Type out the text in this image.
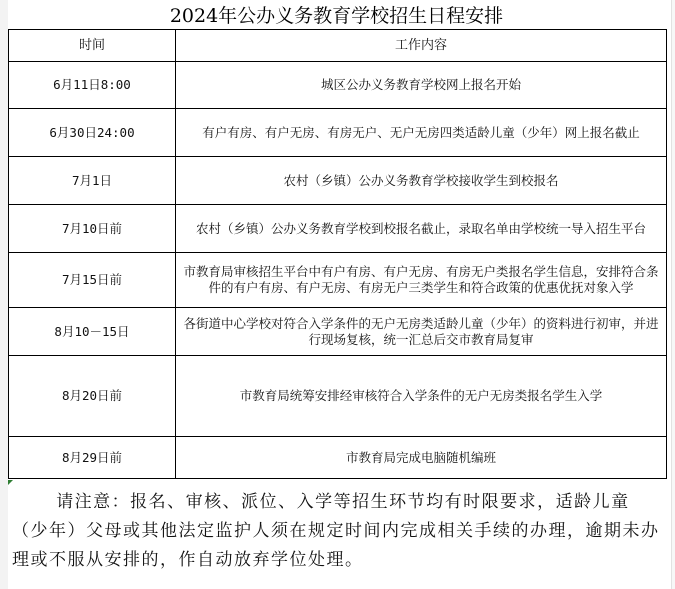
2024年公办义务教育学校招生日程安排
时间	工作内容
6月11日8:00	城区公办义务教育学校网上报名开始
6月30日24:00	有户有房、有户无房、有房无户、无户无房四类适龄儿童（少年）网上报名截止
7月1日	农村（乡镇）公办义务教育学校接收学生到校报名
7月10日前	农村（乡镇）公办义务教育学校到校报名截止，录取名单由学校统一导入招生平台
7月15日前	市教育局审核招生平台中有户有房、有户无房、有房无户类报名学生信息，安排符合条件的有户有房、有户无房、有房无户三类学生和符合政策的优惠优抚对象入学
8月10－15日	各街道中心学校对符合入学条件的无户无房类适龄儿童（少年）的资料进行初审，并进行现场复核，统一汇总后交市教育局复审
8月20日前	市教育局统筹安排经审核符合入学条件的无户无房类报名学生入学
8月29日前	市教育局完成电脑随机编班
请注意：报名、审核、派位、入学等招生环节均有时限要求，适龄儿童（少年）父母或其他法定监护人须在规定时间内完成相关手续的办理，逾期未办理或不服从安排的，作自动放弃学位处理。
